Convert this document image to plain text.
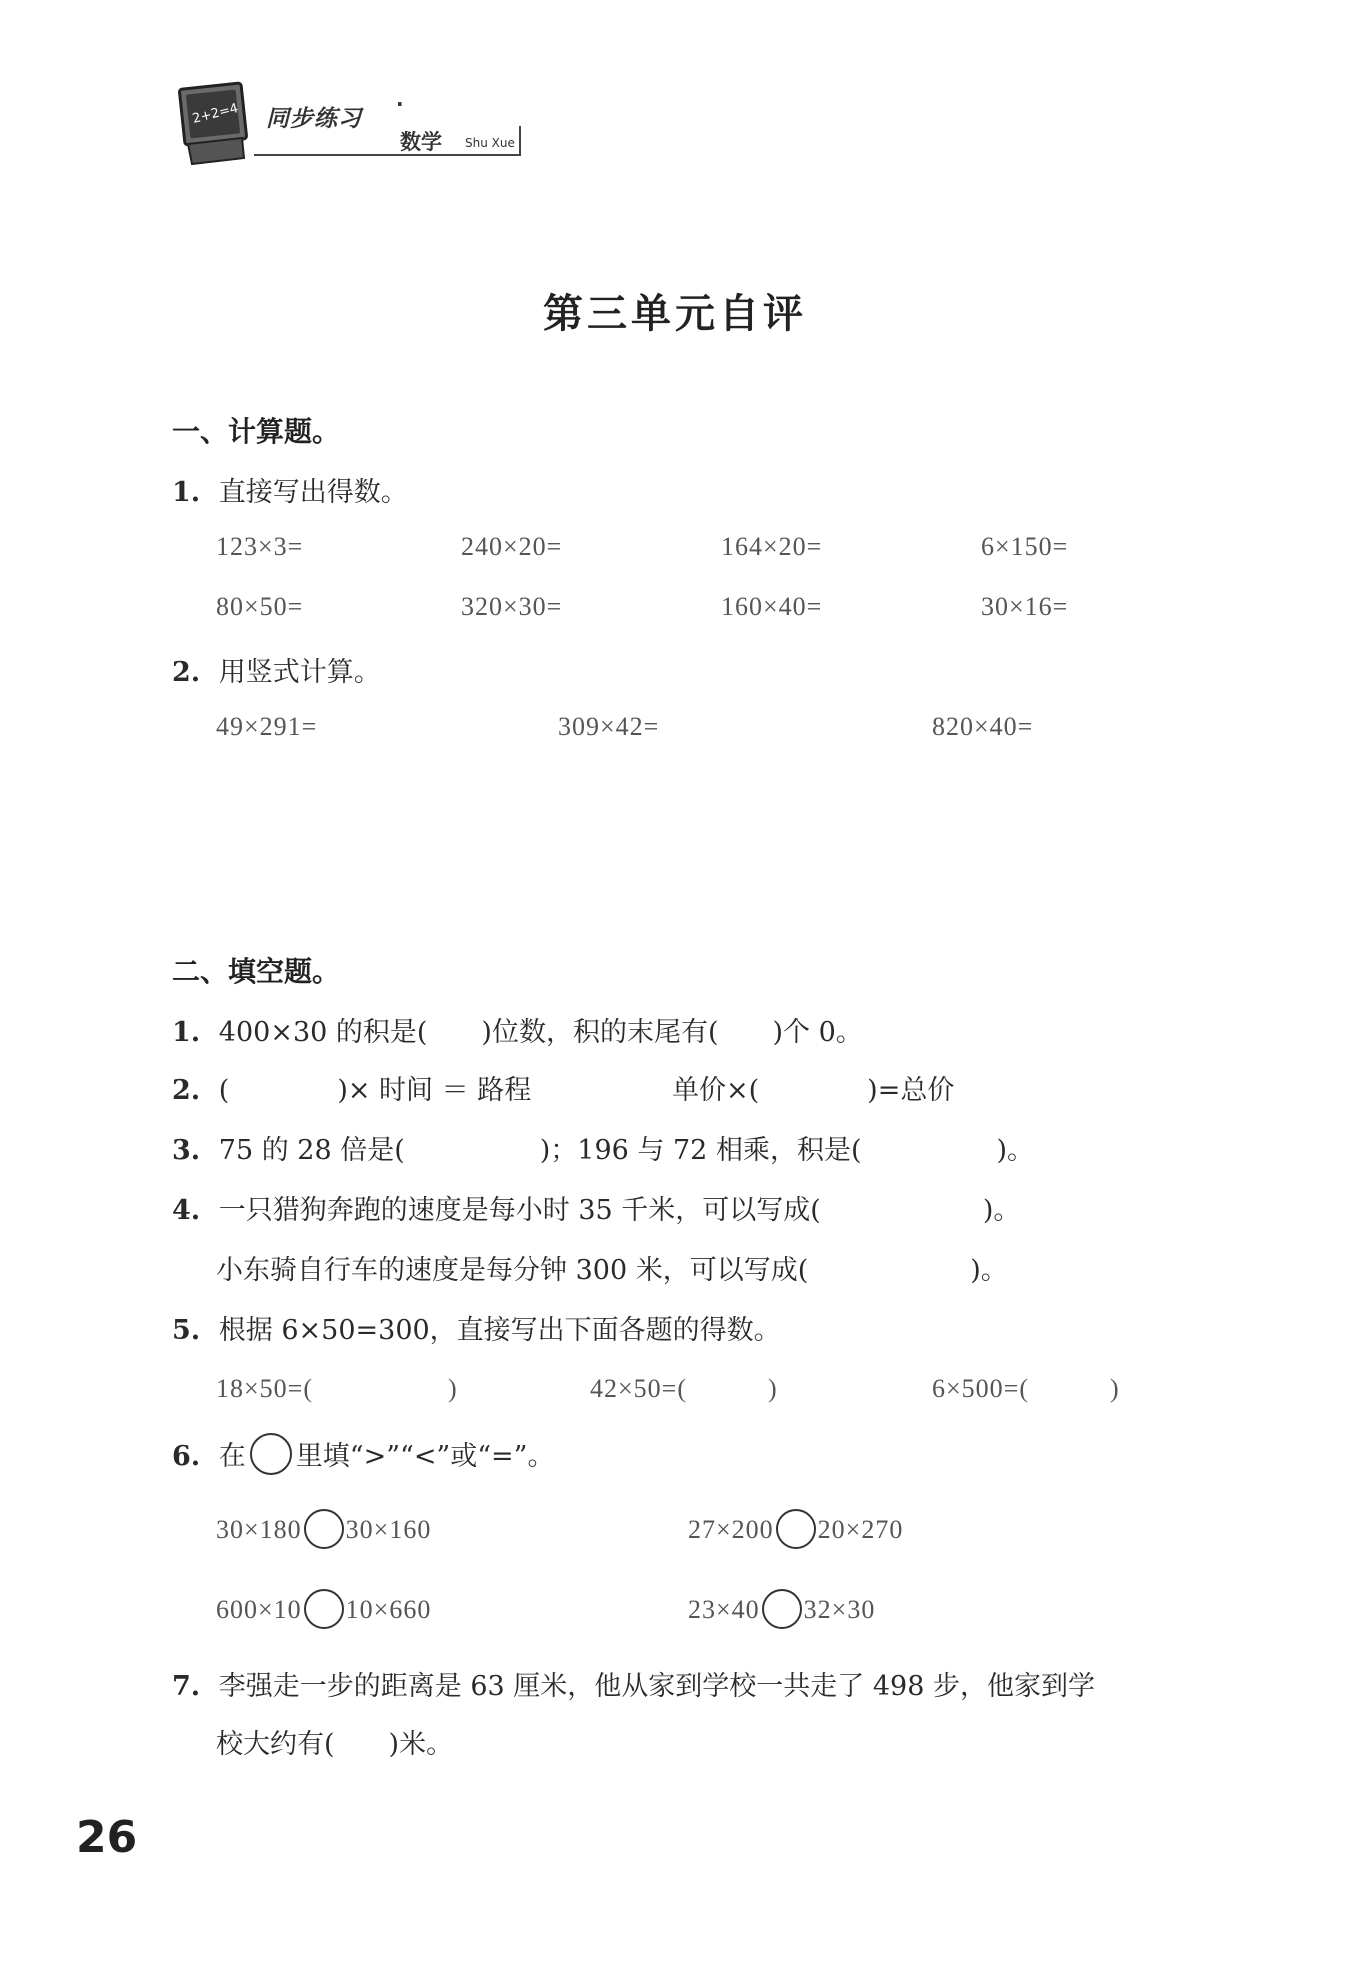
2+2=4 同步练习
·
数学 Shu Xue
第三单元自评
一、计算题。
1. 直接写出得数。
123×3=	240×20=	164×20=	6×150=
80×50=	320×30=	160×40=	30×16=
2. 用竖式计算。
49×291=	309×42=	820×40=
二、填空题。
1. 400×30 的积是(　　)位数，积的末尾有(　　)个 0。
2. (　　　　)× 时间 ＝ 路程	单价×(　　　　)=总价
3. 75 的 28 倍是(　　　　　)；196 与 72 相乘，积是(　　　　　)。
4. 一只猎狗奔跑的速度是每小时 35 千米，可以写成(　　　　　　)。
小东骑自行车的速度是每分钟 300 米，可以写成(　　　　　　)。
5. 根据 6×50=300，直接写出下面各题的得数。
18×50=(　　　　　)	42×50=(　　　)	6×500=(　　　)
6. 在 里填“>”“<”或“=”。
30×180 30×160	27×200 20×270
600×10 10×660	23×40 32×30
7. 李强走一步的距离是 63 厘米，他从家到学校一共走了 498 步，他家到学
校大约有(　　)米。
26
